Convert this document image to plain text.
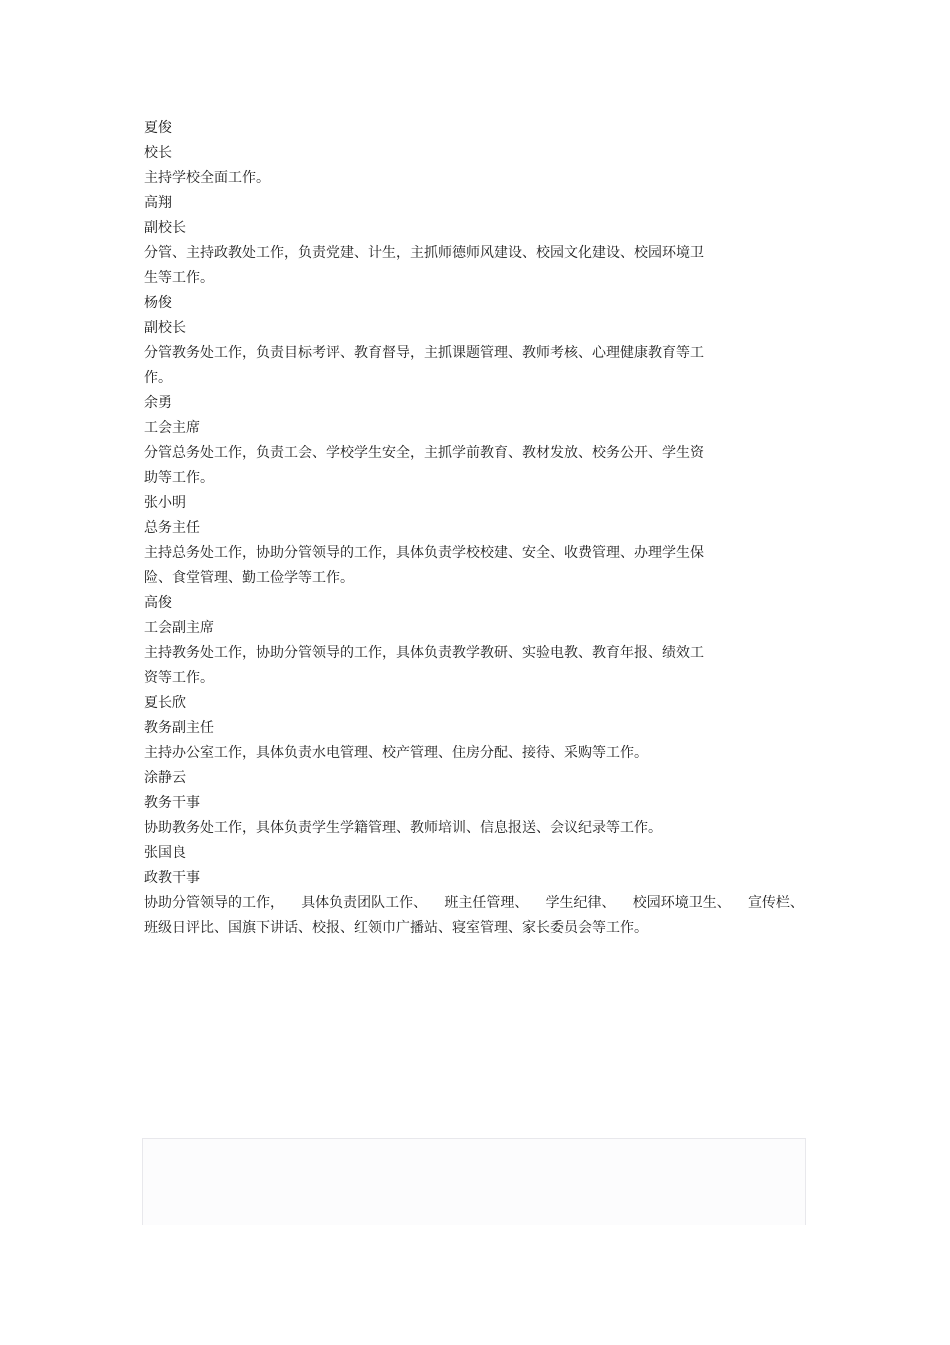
夏俊
校长
主持学校全面工作。
高翔
副校长
分管、主持政教处工作，负责党建、计生，主抓师德师风建设、校园文化建设、校园环境卫
生等工作。
杨俊
副校长
分管教务处工作，负责目标考评、教育督导，主抓课题管理、教师考核、心理健康教育等工
作。
余勇
工会主席
分管总务处工作，负责工会、学校学生安全，主抓学前教育、教材发放、校务公开、学生资
助等工作。
张小明
总务主任
主持总务处工作，协助分管领导的工作，具体负责学校校建、安全、收费管理、办理学生保
险、食堂管理、勤工俭学等工作。
高俊
工会副主席
主持教务处工作，协助分管领导的工作，具体负责教学教研、实验电教、教育年报、绩效工
资等工作。
夏长欣
教务副主任
主持办公室工作，具体负责水电管理、校产管理、住房分配、接待、采购等工作。
涂静云
教务干事
协助教务处工作，具体负责学生学籍管理、教师培训、信息报送、会议纪录等工作。
张国良
政教干事
协助分管领导的工作， 具体负责团队工作、 班主任管理、 学生纪律、 校园环境卫生、 宣传栏、
班级日评比、国旗下讲话、校报、红领巾广播站、寝室管理、家长委员会等工作。
